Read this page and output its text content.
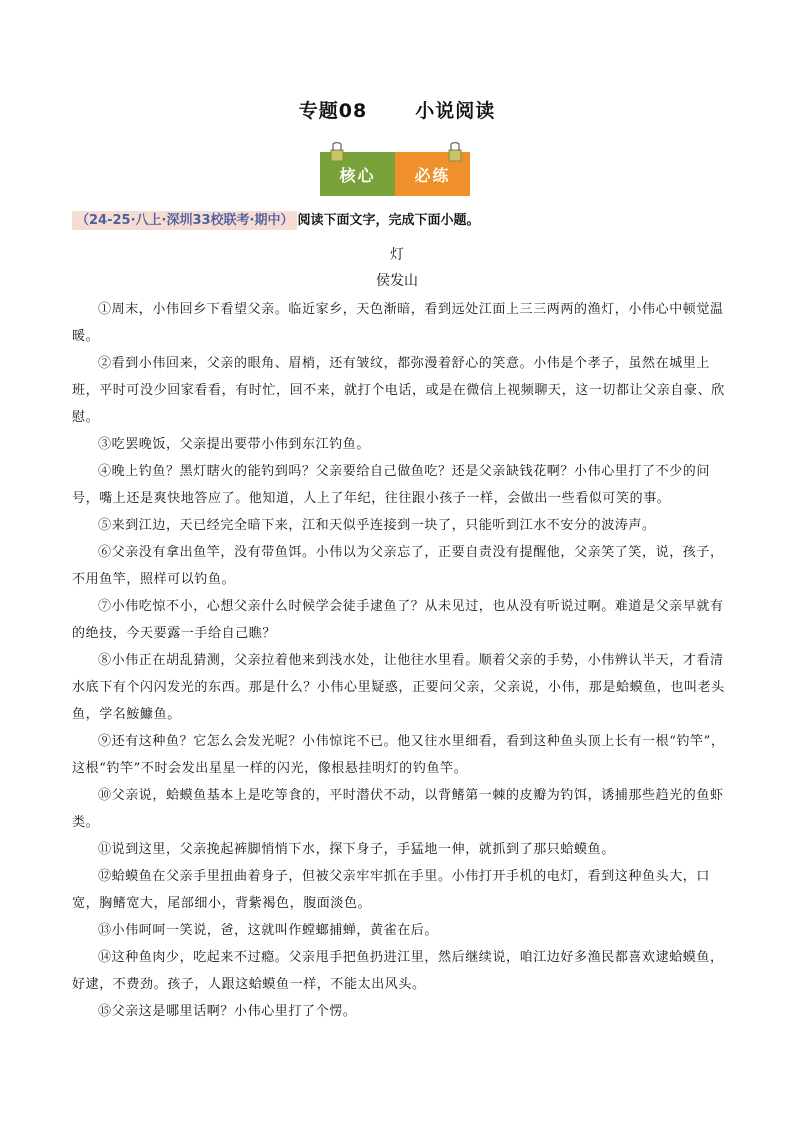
专题08	小说阅读
核心	必练
（24-25·八上·深圳33校联考·期中） 阅读下面文字，完成下面小题。
灯
侯发山

①周末，小伟回乡下看望父亲。临近家乡，天色渐暗，看到远处江面上三三两两的渔灯，小伟心中顿觉温暖。

②看到小伟回来，父亲的眼角、眉梢，还有皱纹，都弥漫着舒心的笑意。小伟是个孝子，虽然在城里上班，平时可没少回家看看，有时忙，回不来，就打个电话，或是在微信上视频聊天，这一切都让父亲自豪、欣慰。

③吃罢晚饭，父亲提出要带小伟到东江钓鱼。

④晚上钓鱼？黑灯瞎火的能钓到吗？父亲要给自己做鱼吃？还是父亲缺钱花啊？小伟心里打了不少的问号，嘴上还是爽快地答应了。他知道，人上了年纪，往往跟小孩子一样，会做出一些看似可笑的事。

⑤来到江边，天已经完全暗下来，江和天似乎连接到一块了，只能听到江水不安分的波涛声。

⑥父亲没有拿出鱼竿，没有带鱼饵。小伟以为父亲忘了，正要自责没有提醒他，父亲笑了笑，说，孩子，不用鱼竿，照样可以钓鱼。

⑦小伟吃惊不小，心想父亲什么时候学会徒手逮鱼了？从未见过，也从没有听说过啊。难道是父亲早就有的绝技，今天要露一手给自己瞧？

⑧小伟正在胡乱猜测，父亲拉着他来到浅水处，让他往水里看。顺着父亲的手势，小伟辨认半天，才看清水底下有个闪闪发光的东西。那是什么？小伟心里疑惑，正要问父亲，父亲说，小伟，那是蛤蟆鱼，也叫老头鱼，学名鮟鱇鱼。

⑨还有这种鱼？它怎么会发光呢？小伟惊诧不已。他又往水里细看，看到这种鱼头顶上长有一根“钓竿”，这根“钓竿”不时会发出星星一样的闪光，像根悬挂明灯的钓鱼竿。

⑩父亲说，蛤蟆鱼基本上是吃等食的，平时潜伏不动，以背鳍第一棘的皮瓣为钓饵，诱捕那些趋光的鱼虾类。

⑪说到这里，父亲挽起裤脚悄悄下水，探下身子，手猛地一伸，就抓到了那只蛤蟆鱼。

⑫蛤蟆鱼在父亲手里扭曲着身子，但被父亲牢牢抓在手里。小伟打开手机的电灯，看到这种鱼头大，口宽，胸鳍宽大，尾部细小，背紫褐色，腹面淡色。

⑬小伟呵呵一笑说，爸，这就叫作螳螂捕蝉，黄雀在后。

⑭这种鱼肉少，吃起来不过瘾。父亲甩手把鱼扔进江里，然后继续说，咱江边好多渔民都喜欢逮蛤蟆鱼，好逮，不费劲。孩子，人跟这蛤蟆鱼一样，不能太出风头。

⑮父亲这是哪里话啊？小伟心里打了个愣。
